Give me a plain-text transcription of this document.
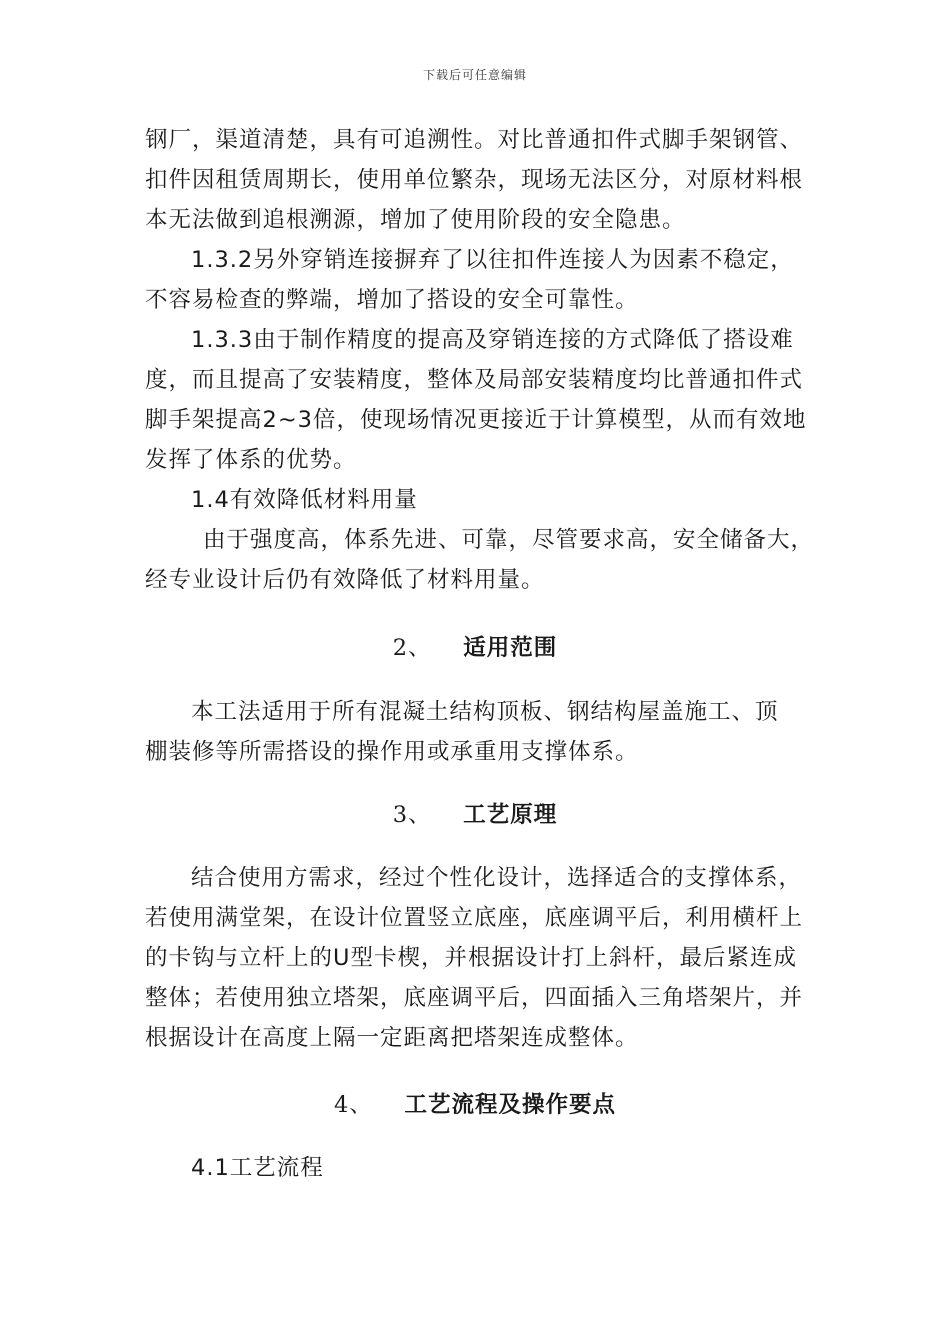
下载后可任意编辑
钢厂，渠道清楚，具有可追溯性。对比普通扣件式脚手架钢管、
扣件因租赁周期长，使用单位繁杂，现场无法区分，对原材料根
本无法做到追根溯源，增加了使用阶段的安全隐患。
1.3.2另外穿销连接摒弃了以往扣件连接人为因素不稳定，
不容易检查的弊端，增加了搭设的安全可靠性。
1.3.3由于制作精度的提高及穿销连接的方式降低了搭设难
度，而且提高了安装精度，整体及局部安装精度均比普通扣件式
脚手架提高2~3倍，使现场情况更接近于计算模型，从而有效地
发挥了体系的优势。
1.4有效降低材料用量
由于强度高，体系先进、可靠，尽管要求高，安全储备大，
经专业设计后仍有效降低了材料用量。
2、 适用范围
本工法适用于所有混凝土结构顶板、钢结构屋盖施工、顶
棚装修等所需搭设的操作用或承重用支撑体系。
3、 工艺原理
结合使用方需求，经过个性化设计，选择适合的支撑体系，
若使用满堂架，在设计位置竖立底座，底座调平后，利用横杆上
的卡钩与立杆上的U型卡楔，并根据设计打上斜杆，最后紧连成
整体；若使用独立塔架，底座调平后，四面插入三角塔架片，并
根据设计在高度上隔一定距离把塔架连成整体。
4、 工艺流程及操作要点
4.1工艺流程
